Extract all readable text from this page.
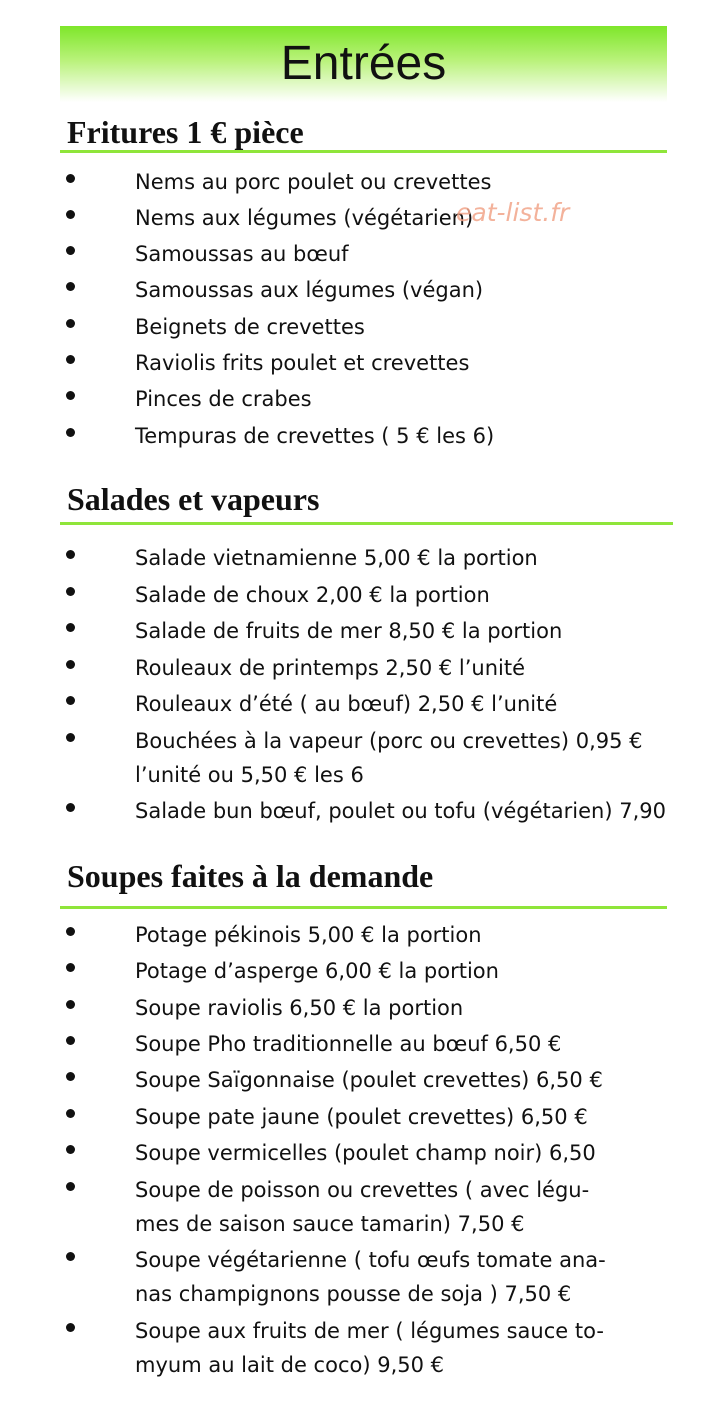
Entrées
Fritures 1 € pièce
Nems au porc poulet ou crevettes
Nems aux légumes (végétarien)
Samoussas au bœuf
Samoussas aux légumes (végan)
Beignets de crevettes
Raviolis frits poulet et crevettes
Pinces de crabes
Tempuras de crevettes ( 5 € les 6)
Salades et vapeurs
Salade vietnamienne 5,00 € la portion
Salade de choux 2,00 € la portion
Salade de fruits de mer 8,50 € la portion
Rouleaux de printemps 2,50 € l’unité
Rouleaux d’été ( au bœuf) 2,50 € l’unité
Bouchées à la vapeur (porc ou crevettes) 0,95 €
l’unité ou 5,50 € les 6
Salade bun bœuf, poulet ou tofu (végétarien) 7,90
Soupes faites à la demande
Potage pékinois 5,00 € la portion
Potage d’asperge 6,00 € la portion
Soupe raviolis 6,50 € la portion
Soupe Pho traditionnelle au bœuf 6,50 €
Soupe Saïgonnaise (poulet crevettes) 6,50 €
Soupe pate jaune (poulet crevettes) 6,50 €
Soupe vermicelles (poulet champ noir) 6,50
Soupe de poisson ou crevettes ( avec légu-
mes de saison sauce tamarin) 7,50 €
Soupe végétarienne ( tofu œufs tomate ana-
nas champignons pousse de soja ) 7,50 €
Soupe aux fruits de mer ( légumes sauce to-
myum au lait de coco) 9,50 €
eat-list.fr
